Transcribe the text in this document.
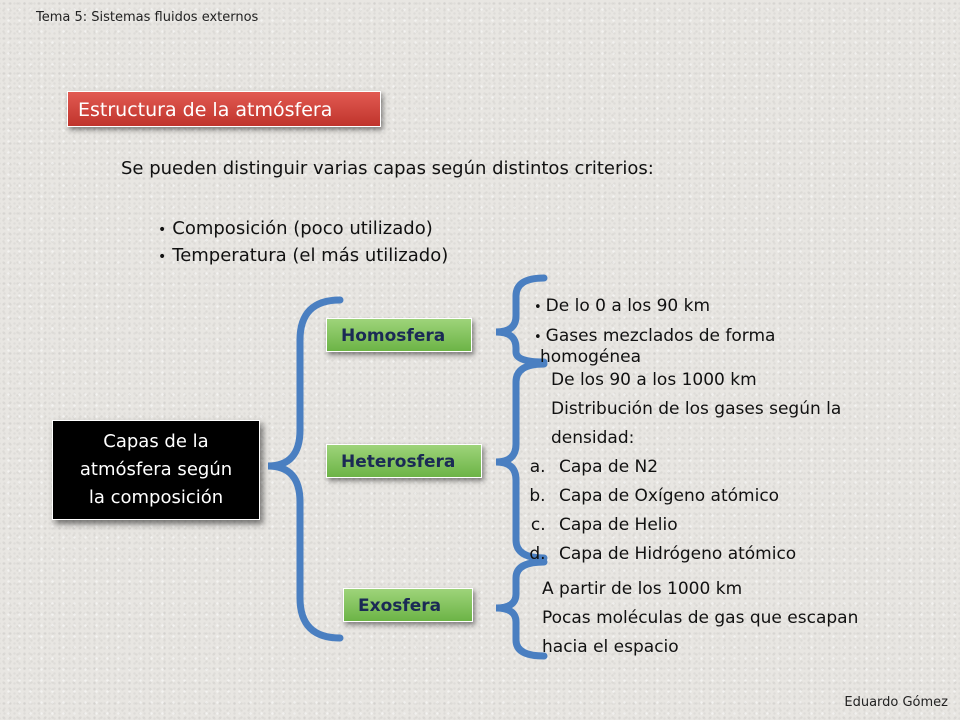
Tema 5: Sistemas fluidos externos
Estructura de la atmósfera
Se pueden distinguir varias capas según distintos criterios:
• Composición (poco utilizado)
• Temperatura (el más utilizado)
Capas de la
atmósfera según
la composición
Homosfera
Heterosfera
Exosfera
• De lo 0 a los 90 km
• Gases mezclados de forma
homogénea
De los 90 a los 1000 km
Distribución de los gases según la
densidad:
a. Capa de N2
b. Capa de Oxígeno atómico
c. Capa de Helio
d. Capa de Hidrógeno atómico
A partir de los 1000 km
Pocas moléculas de gas que escapan
hacia el espacio
Eduardo Gómez
